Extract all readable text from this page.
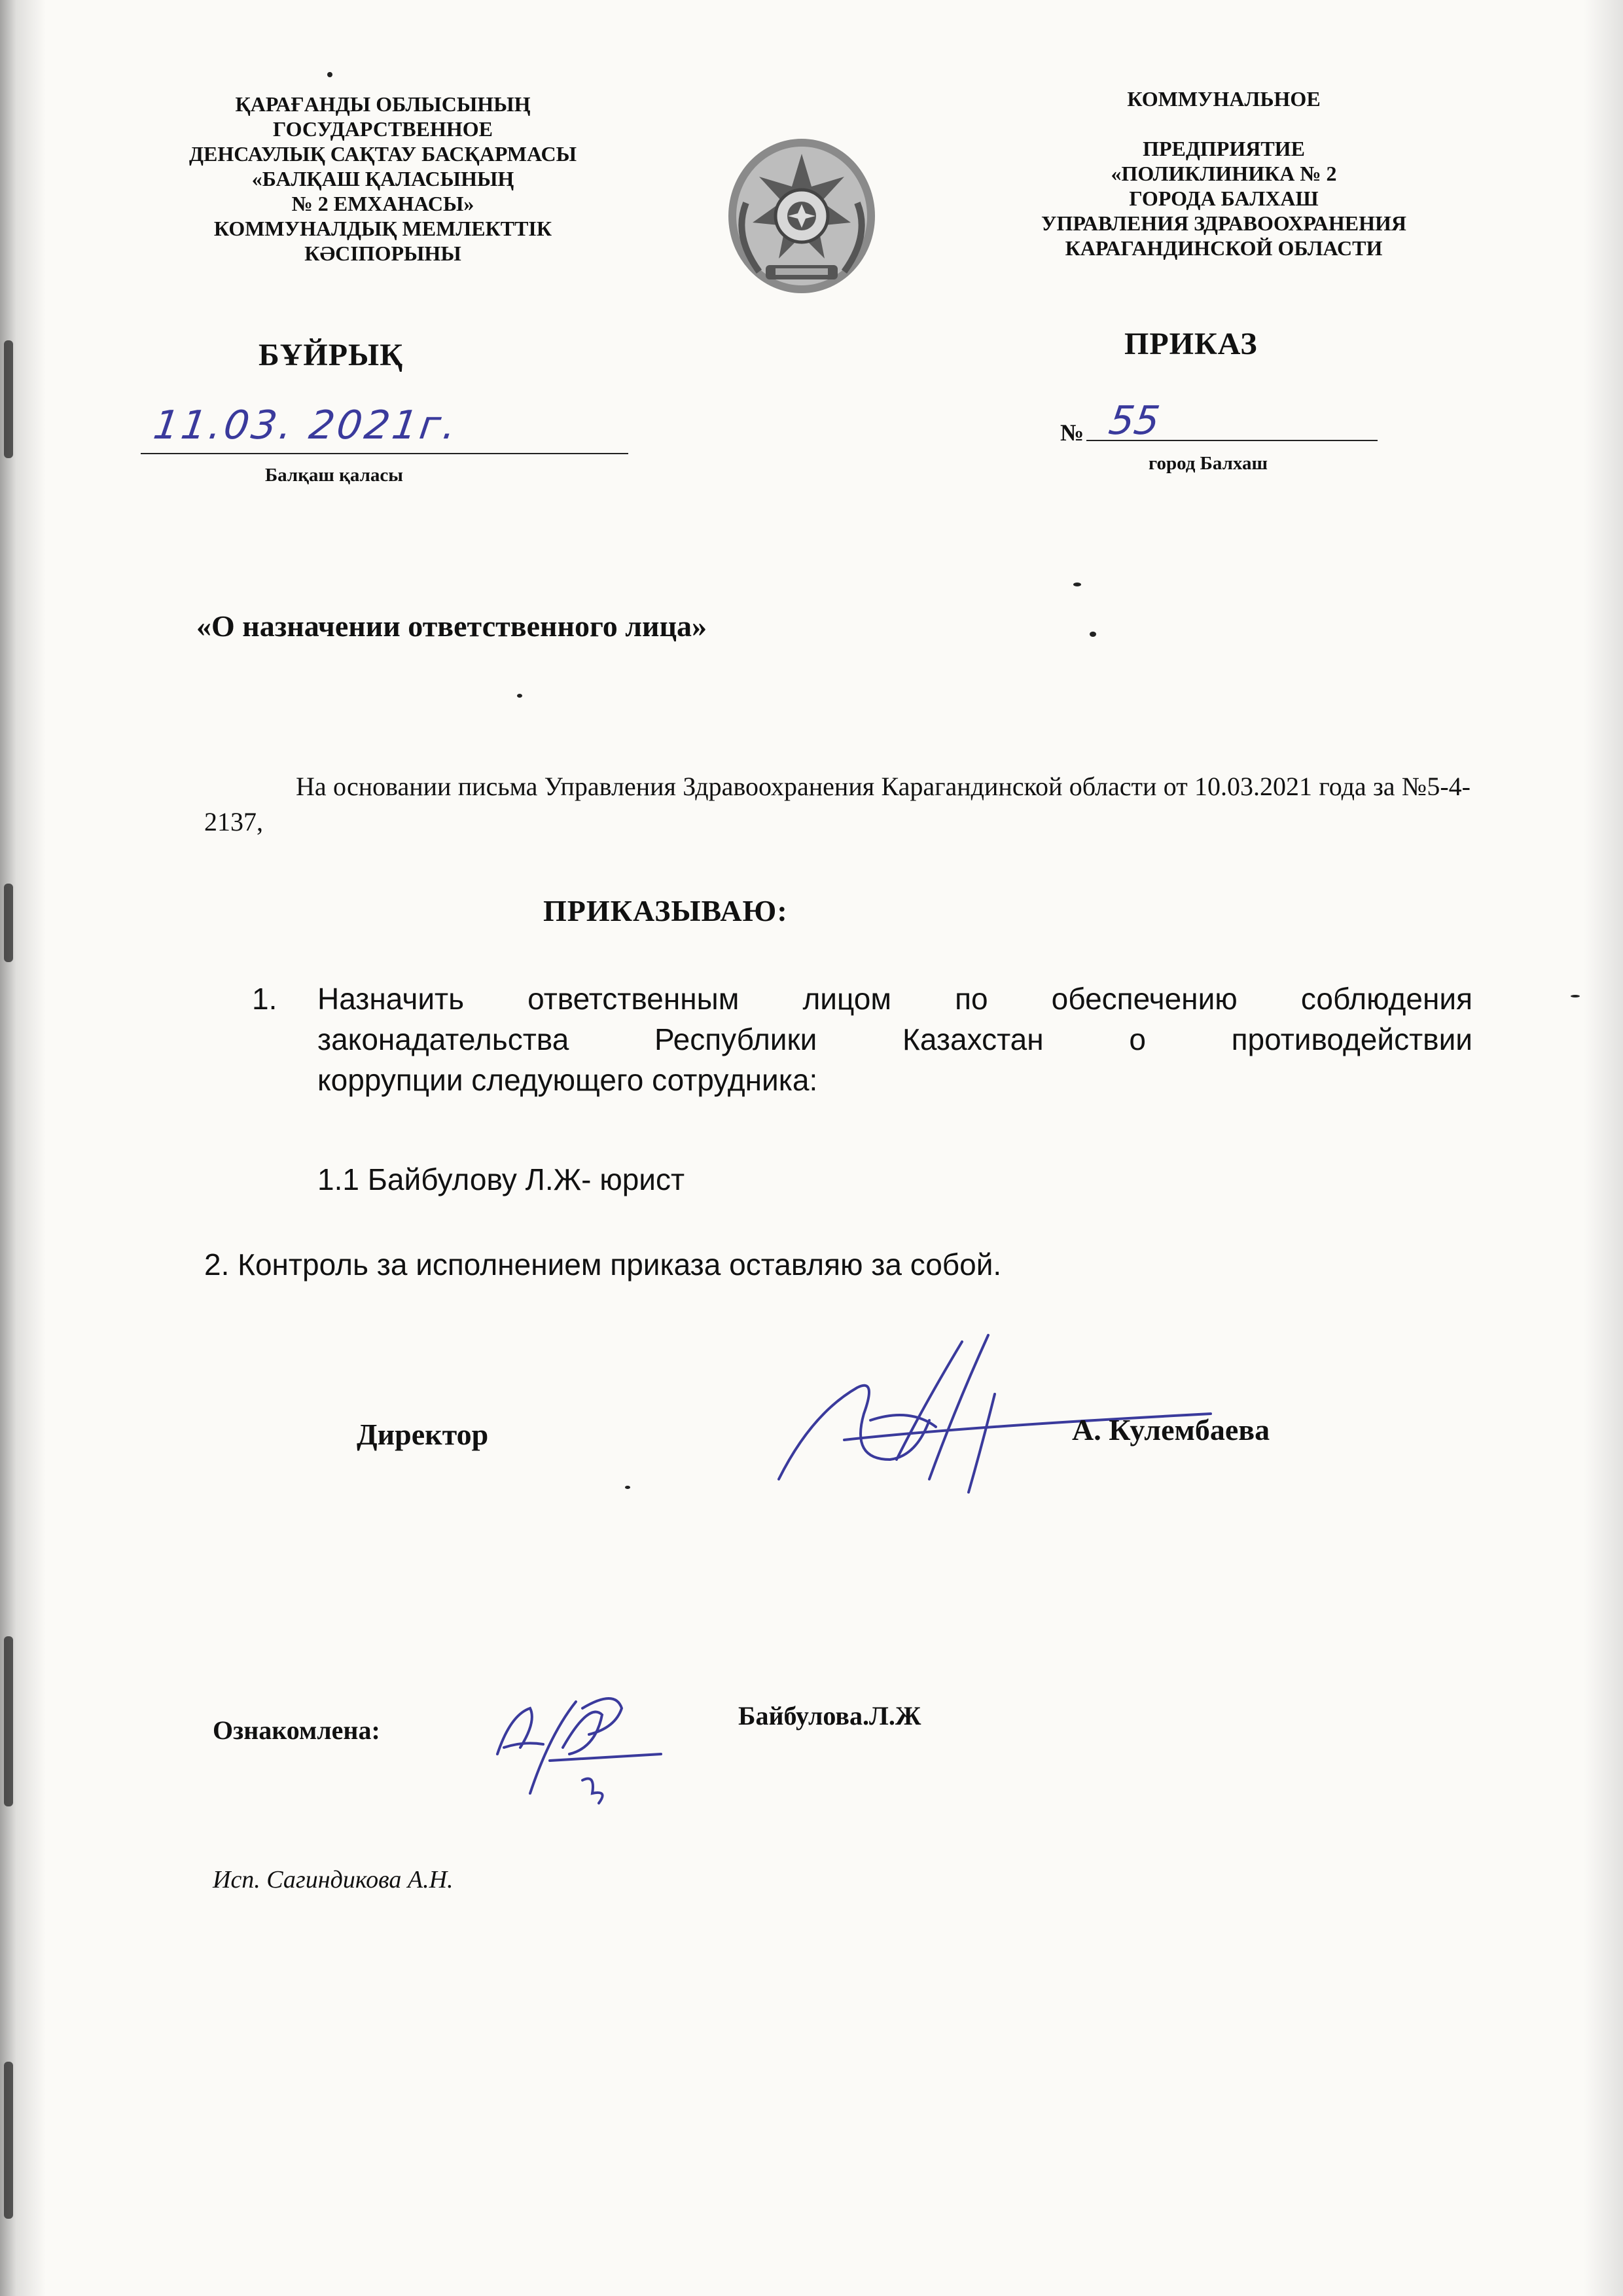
ҚАРАҒАНДЫ ОБЛЫСЫНЫҢ
ГОСУДАРСТВЕННОЕ
ДЕНСАУЛЫҚ САҚТАУ БАСҚАРМАСЫ
«БАЛҚАШ ҚАЛАСЫНЫҢ
№ 2 ЕМХАНАСЫ»
КОММУНАЛДЫҚ МЕМЛЕКТТІК
КӘСІПОРЫНЫ
КОММУНАЛЬНОЕ
ПРЕДПРИЯТИЕ
«ПОЛИКЛИНИКА № 2
ГОРОДА БАЛХАШ
УПРАВЛЕНИЯ ЗДРАВООХРАНЕНИЯ
КАРАГАНДИНСКОЙ ОБЛАСТИ
БҰЙРЫҚ	ПРИКАЗ
11.03. 2021г.
Балқаш қаласы
№ 55
город Балхаш
«О назначении ответственного лица»
На основании письма Управления Здравоохранения Карагандинской области от 10.03.2021 года за №5-4-2137,
ПРИКАЗЫВАЮ:
1. Назначить ответственным лицом по обеспечению соблюдения
законадательства Республики Казахстан о противодействии
коррупции следующего сотрудника:
1.1 Байбулову Л.Ж- юрист
2. Контроль за исполнением приказа оставляю за собой.
Директор	А. Кулембаева
Ознакомлена:	Байбулова.Л.Ж
Исп. Сагиндикова А.Н.
